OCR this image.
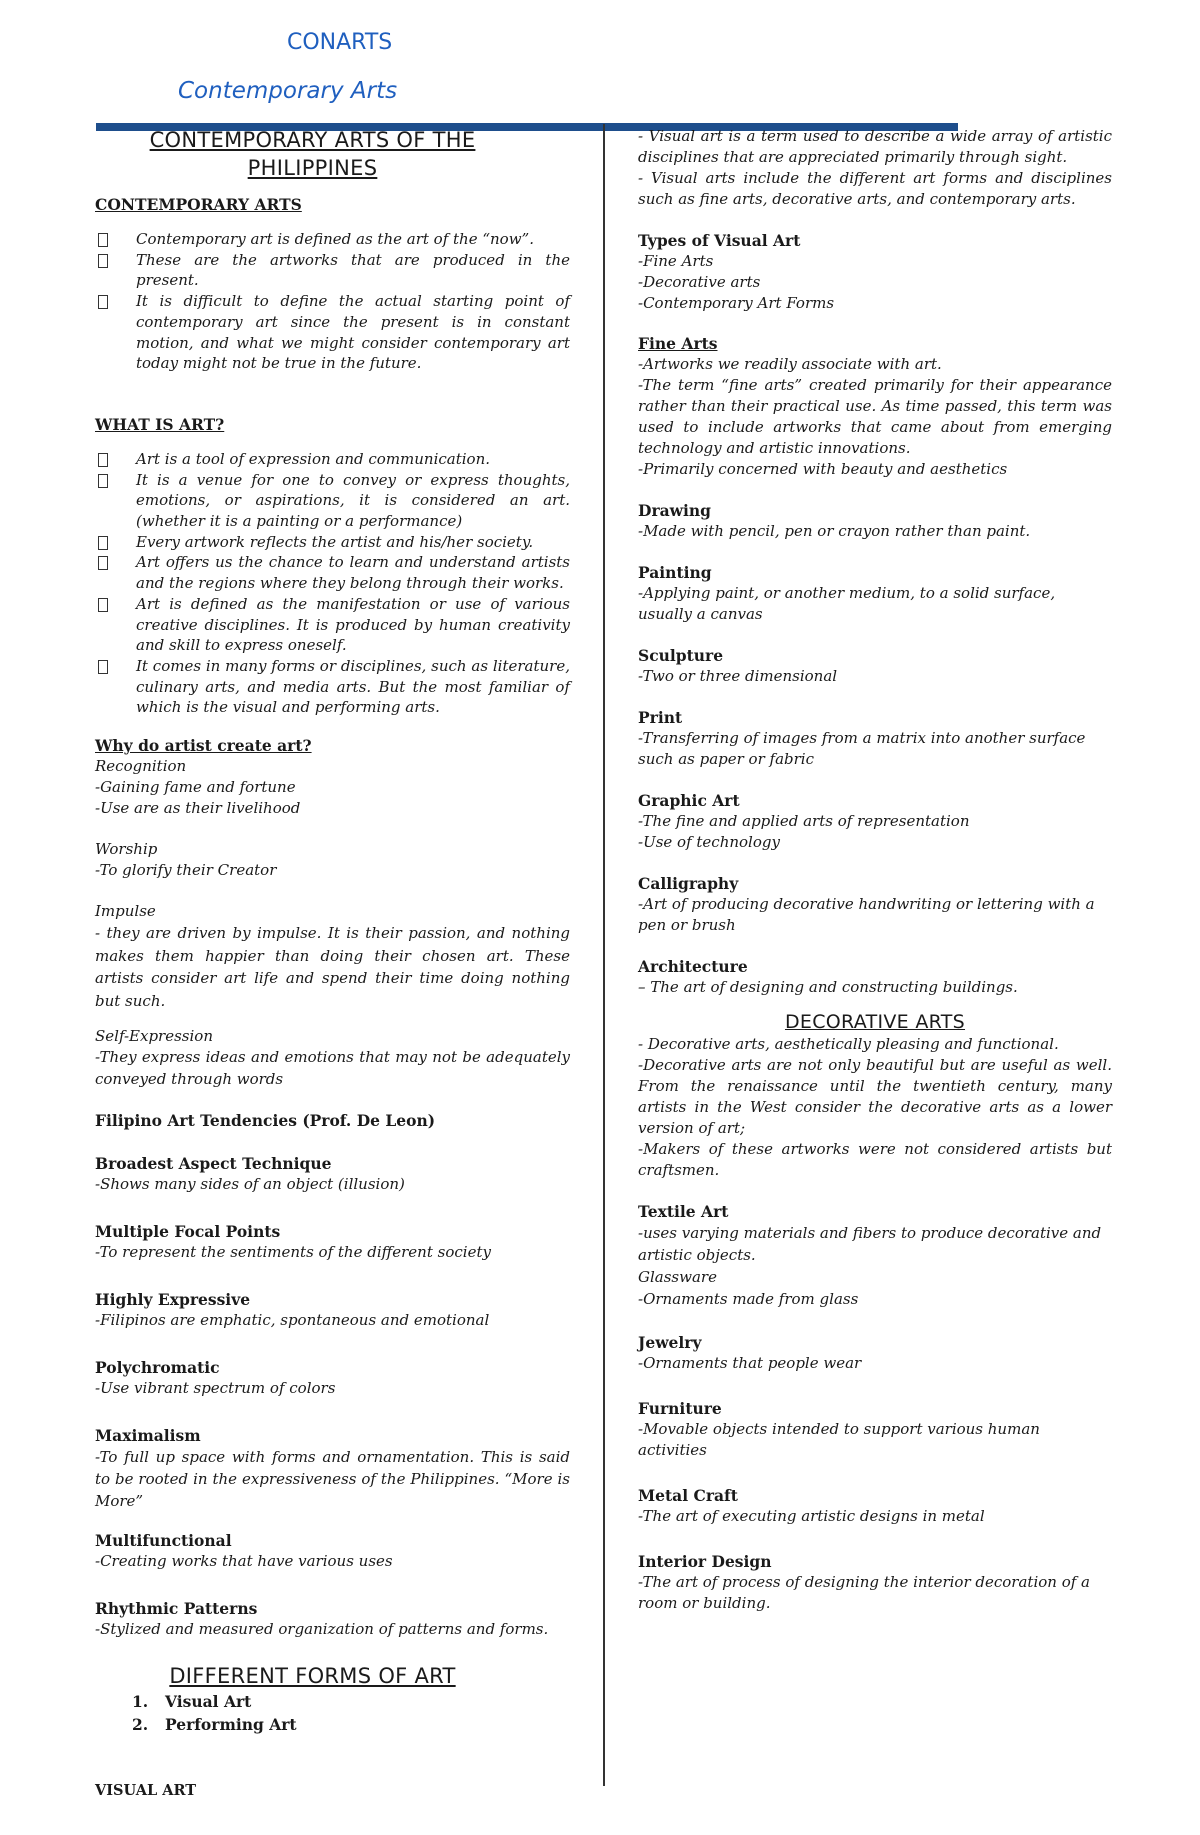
CONARTS
Contemporary Arts
CONTEMPORARY ARTS OF THE PHILIPPINES
CONTEMPORARY ARTS
Contemporary art is defined as the art of the “now”.
These are the artworks that are produced in the present.
It is difficult to define the actual starting point of contemporary art since the present is in constant motion, and what we might consider contemporary art today might not be true in the future.
WHAT IS ART?
Art is a tool of expression and communication.
It is a venue for one to convey or express thoughts, emotions, or aspirations, it is considered an art. (whether it is a painting or a performance)
Every artwork reflects the artist and his/her society.
Art offers us the chance to learn and understand artists and the regions where they belong through their works.
Art is defined as the manifestation or use of various creative disciplines. It is produced by human creativity and skill to express oneself.
It comes in many forms or disciplines, such as literature, culinary arts, and media arts. But the most familiar of which is the visual and performing arts.
Why do artist create art?
Recognition
-Gaining fame and fortune
-Use are as their livelihood
Worship
-To glorify their Creator
Impulse
- they are driven by impulse. It is their passion, and nothing makes them happier than doing their chosen art. These artists consider art life and spend their time doing nothing but such.
Self-Expression
-They express ideas and emotions that may not be adequately conveyed through words
Filipino Art Tendencies (Prof. De Leon)
Broadest Aspect Technique
-Shows many sides of an object (illusion)
Multiple Focal Points
-To represent the sentiments of the different society
Highly Expressive
-Filipinos are emphatic, spontaneous and emotional
Polychromatic
-Use vibrant spectrum of colors
Maximalism
-To full up space with forms and ornamentation. This is said to be rooted in the expressiveness of the Philippines. “More is More”
Multifunctional
-Creating works that have various uses
Rhythmic Patterns
-Stylized and measured organization of patterns and forms.
DIFFERENT FORMS OF ART
1. Visual Art
2. Performing Art
VISUAL ART
- Visual art is a term used to describe a wide array of artistic disciplines that are appreciated primarily through sight.
- Visual arts include the different art forms and disciplines such as fine arts, decorative arts, and contemporary arts.
Types of Visual Art
-Fine Arts
-Decorative arts
-Contemporary Art Forms
Fine Arts
-Artworks we readily associate with art.
-The term “fine arts” created primarily for their appearance rather than their practical use. As time passed, this term was used to include artworks that came about from emerging technology and artistic innovations.
-Primarily concerned with beauty and aesthetics
Drawing
-Made with pencil, pen or crayon rather than paint.
Painting
-Applying paint, or another medium, to a solid surface, usually a canvas
Sculpture
-Two or three dimensional
Print
-Transferring of images from a matrix into another surface such as paper or fabric
Graphic Art
-The fine and applied arts of representation
-Use of technology
Calligraphy
-Art of producing decorative handwriting or lettering with a pen or brush
Architecture
– The art of designing and constructing buildings.
DECORATIVE ARTS
- Decorative arts, aesthetically pleasing and functional.
-Decorative arts are not only beautiful but are useful as well. From the renaissance until the twentieth century, many artists in the West consider the decorative arts as a lower version of art;
-Makers of these artworks were not considered artists but craftsmen.
Textile Art
-uses varying materials and fibers to produce decorative and artistic objects.
Glassware
-Ornaments made from glass
Jewelry
-Ornaments that people wear
Furniture
-Movable objects intended to support various human activities
Metal Craft
-The art of executing artistic designs in metal
Interior Design
-The art of process of designing the interior decoration of a room or building.
